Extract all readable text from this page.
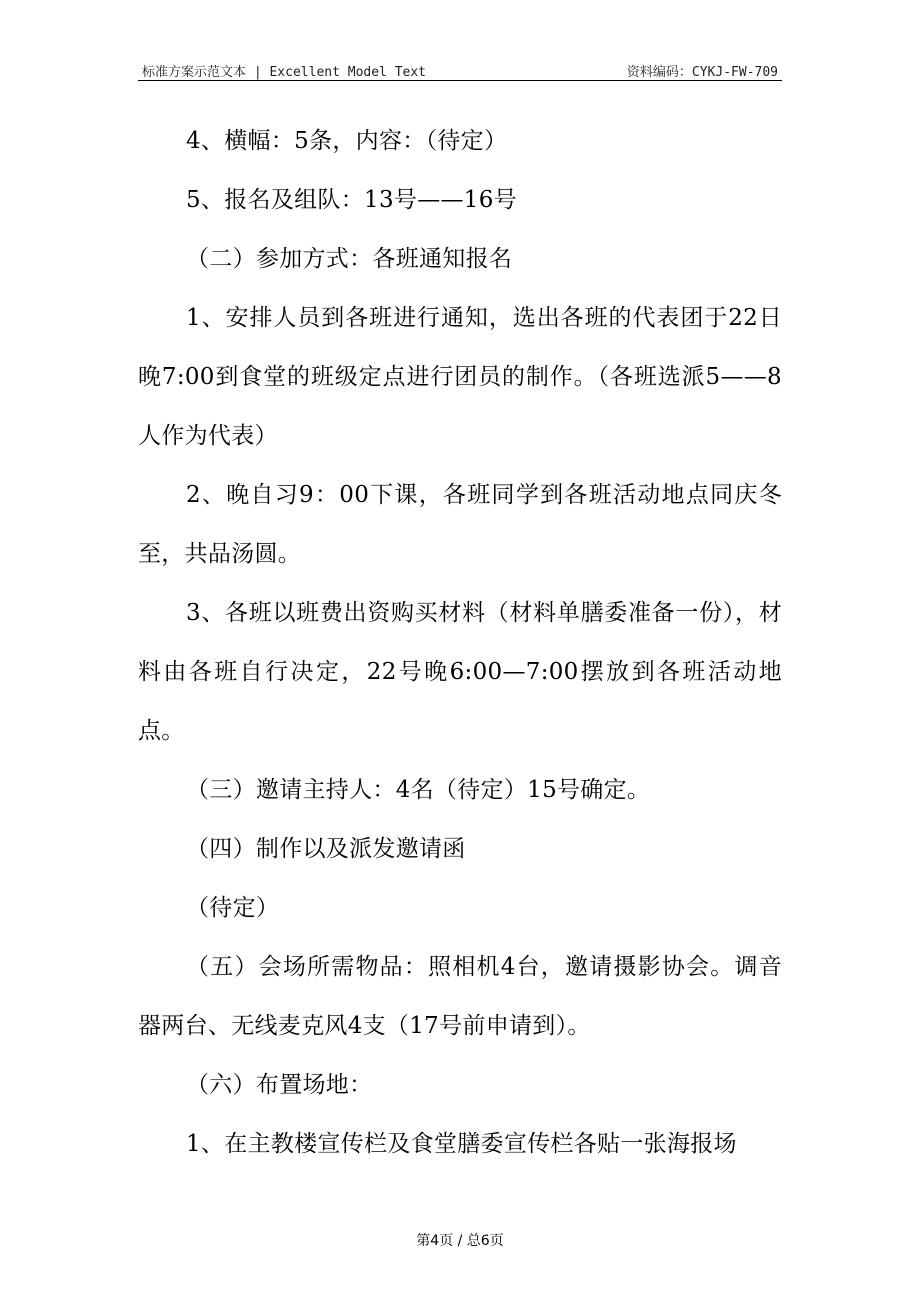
标准方案示范文本 | Excellent Model Text	资料编码：CYKJ-FW-709

4、横幅：5条，内容：（待定）

5、报名及组队：13号——16号

（二）参加方式：各班通知报名

1、安排人员到各班进行通知，选出各班的代表团于22日晚7:00到食堂的班级定点进行团员的制作。（各班选派5——8人作为代表）

2、晚自习9：00下课，各班同学到各班活动地点同庆冬至，共品汤圆。

3、各班以班费出资购买材料（材料单膳委准备一份），材料由各班自行决定，22号晚6:00—7:00摆放到各班活动地点。

（三）邀请主持人：4名（待定）15号确定。

（四）制作以及派发邀请函

（待定）

（五）会场所需物品：照相机4台，邀请摄影协会。调音器两台、无线麦克风4支（17号前申请到）。

（六）布置场地：

1、在主教楼宣传栏及食堂膳委宣传栏各贴一张海报场

第4页 / 总6页
